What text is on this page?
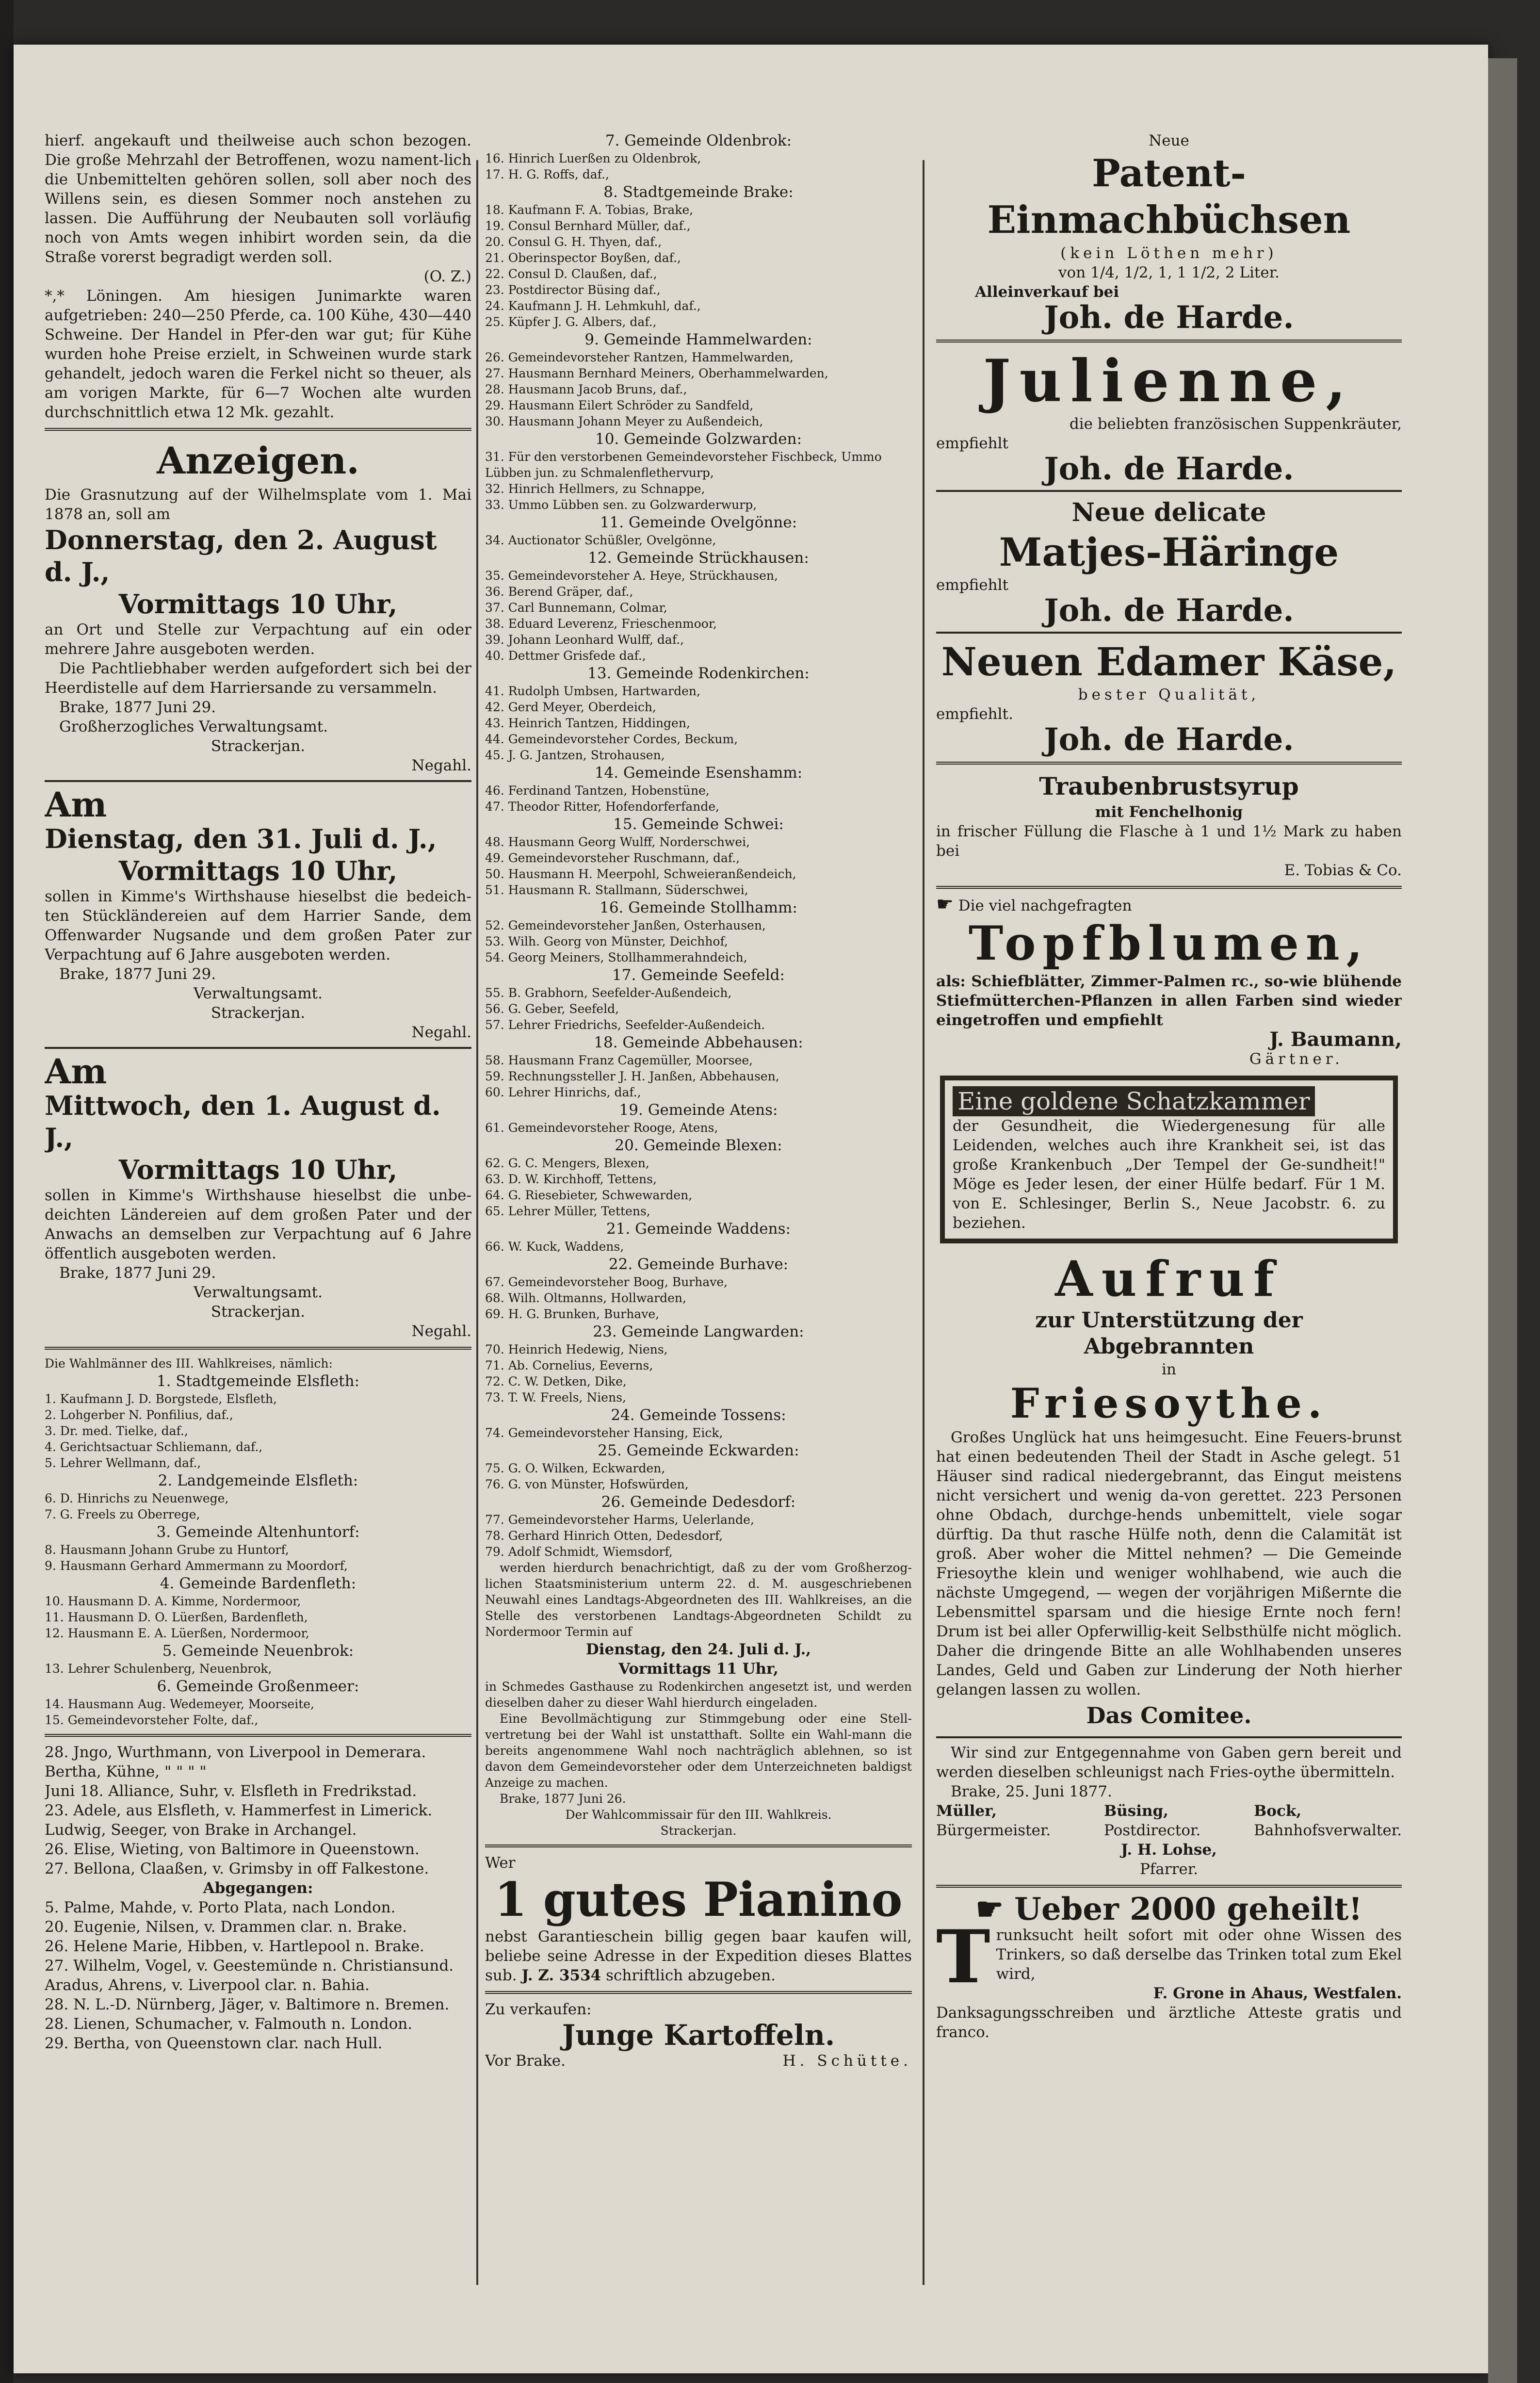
hierf. angekauft und theilweise auch schon bezogen. Die große Mehrzahl der Betroffenen, wozu nament-lich die Unbemittelten gehören sollen, soll aber noch des Willens sein, es diesen Sommer noch anstehen zu lassen. Die Aufführung der Neubauten soll vorläufig noch von Amts wegen inhibirt worden sein, da die Straße vorerst begradigt werden soll.

(O. Z.)

*,* Löningen. Am hiesigen Junimarkte waren aufgetrieben: 240—250 Pferde, ca. 100 Kühe, 430—440 Schweine. Der Handel in Pfer-den war gut; für Kühe wurden hohe Preise erzielt, in Schweinen wurde stark gehandelt, jedoch waren die Ferkel nicht so theuer, als am vorigen Markte, für 6—7 Wochen alte wurden durchschnittlich etwa 12 Mk. gezahlt.

Anzeigen.

Die Grasnutzung auf der Wilhelmsplate vom 1. Mai 1878 an, soll am

Donnerstag, den 2. August d. J.,

Vormittags 10 Uhr,

an Ort und Stelle zur Verpachtung auf ein oder mehrere Jahre ausgeboten werden.

Die Pachtliebhaber werden aufgefordert sich bei der Heerdistelle auf dem Harriersande zu versammeln.

Brake, 1877 Juni 29.

Großherzogliches Verwaltungsamt.

Strackerjan.

Negahl.

Am

Dienstag, den 31. Juli d. J.,

Vormittags 10 Uhr,

sollen in Kimme's Wirthshause hieselbst die bedeich-ten Stückländereien auf dem Harrier Sande, dem Offenwarder Nugsande und dem großen Pater zur Verpachtung auf 6 Jahre ausgeboten werden.

Brake, 1877 Juni 29.

Verwaltungsamt.

Strackerjan.

Negahl.

Am

Mittwoch, den 1. August d. J.,

Vormittags 10 Uhr,

sollen in Kimme's Wirthshause hieselbst die unbe-deichten Ländereien auf dem großen Pater und der Anwachs an demselben zur Verpachtung auf 6 Jahre öffentlich ausgeboten werden.

Brake, 1877 Juni 29.

Verwaltungsamt.

Strackerjan.

Negahl.

Die Wahlmänner des III. Wahlkreises, nämlich:

1. Stadtgemeinde Elsfleth:

1. Kaufmann J. D. Borgstede, Elsfleth,

2. Lohgerber N. Ponfilius, daf.,

3. Dr. med. Tielke, daf.,

4. Gerichtsactuar Schliemann, daf.,

5. Lehrer Wellmann, daf.,

2. Landgemeinde Elsfleth:

6. D. Hinrichs zu Neuenwege,

7. G. Freels zu Oberrege,

3. Gemeinde Altenhuntorf:

8. Hausmann Johann Grube zu Huntorf,

9. Hausmann Gerhard Ammermann zu Moordorf,

4. Gemeinde Bardenfleth:

10. Hausmann D. A. Kimme, Nordermoor,

11. Hausmann D. O. Lüerßen, Bardenfleth,

12. Hausmann E. A. Lüerßen, Nordermoor,

5. Gemeinde Neuenbrok:

13. Lehrer Schulenberg, Neuenbrok,

6. Gemeinde Großenmeer:

14. Hausmann Aug. Wedemeyer, Moorseite,

15. Gemeindevorsteher Folte, daf.,

28. Jngo, Wurthmann, von Liverpool in Demerara.

Bertha, Kühne, " " " "

Juni 18. Alliance, Suhr, v. Elsfleth in Fredrikstad.

23. Adele, aus Elsfleth, v. Hammerfest in Limerick.

Ludwig, Seeger, von Brake in Archangel.

26. Elise, Wieting, von Baltimore in Queenstown.

27. Bellona, Claaßen, v. Grimsby in off Falkestone.

Abgegangen:

5. Palme, Mahde, v. Porto Plata, nach London.

20. Eugenie, Nilsen, v. Drammen clar. n. Brake.

26. Helene Marie, Hibben, v. Hartlepool n. Brake.

27. Wilhelm, Vogel, v. Geestemünde n. Christiansund.

Aradus, Ahrens, v. Liverpool clar. n. Bahia.

28. N. L.-D. Nürnberg, Jäger, v. Baltimore n. Bremen.

28. Lienen, Schumacher, v. Falmouth n. London.

29. Bertha, von Queenstown clar. nach Hull.

7. Gemeinde Oldenbrok:

16. Hinrich Luerßen zu Oldenbrok,

17. H. G. Roffs, daf.,

8. Stadtgemeinde Brake:

18. Kaufmann F. A. Tobias, Brake,

19. Consul Bernhard Müller, daf.,

20. Consul G. H. Thyen, daf.,

21. Oberinspector Boyßen, daf.,

22. Consul D. Claußen, daf.,

23. Postdirector Büsing daf.,

24. Kaufmann J. H. Lehmkuhl, daf.,

25. Küpfer J. G. Albers, daf.,

9. Gemeinde Hammelwarden:

26. Gemeindevorsteher Rantzen, Hammelwarden,

27. Hausmann Bernhard Meiners, Oberhammelwarden,

28. Hausmann Jacob Bruns, daf.,

29. Hausmann Eilert Schröder zu Sandfeld,

30. Hausmann Johann Meyer zu Außendeich,

10. Gemeinde Golzwarden:

31. Für den verstorbenen Gemeindevorsteher Fischbeck, Ummo Lübben jun. zu Schmalenflethervurp,

32. Hinrich Hellmers, zu Schnappe,

33. Ummo Lübben sen. zu Golzwarderwurp,

11. Gemeinde Ovelgönne:

34. Auctionator Schüßler, Ovelgönne,

12. Gemeinde Strückhausen:

35. Gemeindevorsteher A. Heye, Strückhausen,

36. Berend Gräper, daf.,

37. Carl Bunnemann, Colmar,

38. Eduard Leverenz, Frieschenmoor,

39. Johann Leonhard Wulff, daf.,

40. Dettmer Grisfede daf.,

13. Gemeinde Rodenkirchen:

41. Rudolph Umbsen, Hartwarden,

42. Gerd Meyer, Oberdeich,

43. Heinrich Tantzen, Hiddingen,

44. Gemeindevorsteher Cordes, Beckum,

45. J. G. Jantzen, Strohausen,

14. Gemeinde Esenshamm:

46. Ferdinand Tantzen, Hobenstüne,

47. Theodor Ritter, Hofendorferfande,

15. Gemeinde Schwei:

48. Hausmann Georg Wulff, Norderschwei,

49. Gemeindevorsteher Ruschmann, daf.,

50. Hausmann H. Meerpohl, Schweieranßendeich,

51. Hausmann R. Stallmann, Süderschwei,

16. Gemeinde Stollhamm:

52. Gemeindevorsteher Janßen, Osterhausen,

53. Wilh. Georg von Münster, Deichhof,

54. Georg Meiners, Stollhammerahndeich,

17. Gemeinde Seefeld:

55. B. Grabhorn, Seefelder-Außendeich,

56. G. Geber, Seefeld,

57. Lehrer Friedrichs, Seefelder-Außendeich.

18. Gemeinde Abbehausen:

58. Hausmann Franz Cagemüller, Moorsee,

59. Rechnungssteller J. H. Janßen, Abbehausen,

60. Lehrer Hinrichs, daf.,

19. Gemeinde Atens:

61. Gemeindevorsteher Rooge, Atens,

20. Gemeinde Blexen:

62. G. C. Mengers, Blexen,

63. D. W. Kirchhoff, Tettens,

64. G. Riesebieter, Schwewarden,

65. Lehrer Müller, Tettens,

21. Gemeinde Waddens:

66. W. Kuck, Waddens,

22. Gemeinde Burhave:

67. Gemeindevorsteher Boog, Burhave,

68. Wilh. Oltmanns, Hollwarden,

69. H. G. Brunken, Burhave,

23. Gemeinde Langwarden:

70. Heinrich Hedewig, Niens,

71. Ab. Cornelius, Eeverns,

72. C. W. Detken, Dike,

73. T. W. Freels, Niens,

24. Gemeinde Tossens:

74. Gemeindevorsteher Hansing, Eick,

25. Gemeinde Eckwarden:

75. G. O. Wilken, Eckwarden,

76. G. von Münster, Hofswürden,

26. Gemeinde Dedesdorf:

77. Gemeindevorsteher Harms, Uelerlande,

78. Gerhard Hinrich Otten, Dedesdorf,

79. Adolf Schmidt, Wiemsdorf,

werden hierdurch benachrichtigt, daß zu der vom Großherzog-lichen Staatsministerium unterm 22. d. M. ausgeschriebenen Neuwahl eines Landtags-Abgeordneten des III. Wahlkreises, an die Stelle des verstorbenen Landtags-Abgeordneten Schildt zu Nordermoor Termin auf

Dienstag, den 24. Juli d. J.,

Vormittags 11 Uhr,

in Schmedes Gasthause zu Rodenkirchen angesetzt ist, und werden dieselben daher zu dieser Wahl hierdurch eingeladen.

Eine Bevollmächtigung zur Stimmgebung oder eine Stell-vertretung bei der Wahl ist unstatthaft. Sollte ein Wahl-mann die bereits angenommene Wahl noch nachträglich ablehnen, so ist davon dem Gemeindevorsteher oder dem Unterzeichneten baldigst Anzeige zu machen.

Brake, 1877 Juni 26.

Der Wahlcommissair für den III. Wahlkreis.

Strackerjan.

Wer

1 gutes Pianino

nebst Garantieschein billig gegen baar kaufen will, beliebe seine Adresse in der Expedition dieses Blattes sub. J. Z. 3534 schriftlich abzugeben.

Zu verkaufen:

Junge Kartoffeln.

Vor Brake.	H. Schütte.

Neue

Patent-Einmachbüchsen

(kein Löthen mehr)

von 1/4, 1/2, 1, 1 1/2, 2 Liter.

Alleinverkauf bei

Joh. de Harde.

Julienne,

die beliebten französischen Suppenkräuter,

empfiehlt

Joh. de Harde.

Neue delicate

Matjes-Häringe

empfiehlt

Joh. de Harde.

Neuen Edamer Käse,

bester Qualität,

empfiehlt.

Joh. de Harde.

Traubenbrustsyrup

mit Fenchelhonig

in frischer Füllung die Flasche à 1 und 1½ Mark zu haben bei

E. Tobias & Co.

☛ Die viel nachgefragten

Topfblumen,

als: Schiefblätter, Zimmer-Palmen rc., so-wie blühende Stiefmütterchen-Pflanzen in allen Farben sind wieder eingetroffen und empfiehlt

J. Baumann,

Gärtner.

Eine goldene Schatzkammer

der Gesundheit, die Wiedergenesung für alle Leidenden, welches auch ihre Krankheit sei, ist das große Krankenbuch „Der Tempel der Ge-sundheit!" Möge es Jeder lesen, der einer Hülfe bedarf. Für 1 M. von E. Schlesinger, Berlin S., Neue Jacobstr. 6. zu beziehen.

Aufruf

zur Unterstützung der

Abgebrannten

in

Friesoythe.

Großes Unglück hat uns heimgesucht. Eine Feuers-brunst hat einen bedeutenden Theil der Stadt in Asche gelegt. 51 Häuser sind radical niedergebrannt, das Eingut meistens nicht versichert und wenig da-von gerettet. 223 Personen ohne Obdach, durchge-hends unbemittelt, viele sogar dürftig. Da thut rasche Hülfe noth, denn die Calamität ist groß. Aber woher die Mittel nehmen? — Die Gemeinde Friesoythe klein und weniger wohlhabend, wie auch die nächste Umgegend, — wegen der vorjährigen Mißernte die Lebensmittel sparsam und die hiesige Ernte noch fern! Drum ist bei aller Opferwillig-keit Selbsthülfe nicht möglich. Daher die dringende Bitte an alle Wohlhabenden unseres Landes, Geld und Gaben zur Linderung der Noth hierher gelangen lassen zu wollen.

Das Comitee.

Wir sind zur Entgegennahme von Gaben gern bereit und werden dieselben schleunigst nach Fries-oythe übermitteln.

Brake, 25. Juni 1877.

Müller,

Bürgermeister.

Büsing,

Postdirector.

Bock,

Bahnhofsverwalter.

J. H. Lohse,

Pfarrer.

☛ Ueber 2000 geheilt!

T runksucht heilt sofort mit oder ohne Wissen des Trinkers, so daß derselbe das Trinken total zum Ekel wird,

F. Grone in Ahaus, Westfalen.

Danksagungsschreiben und ärztliche Atteste gratis und franco.
